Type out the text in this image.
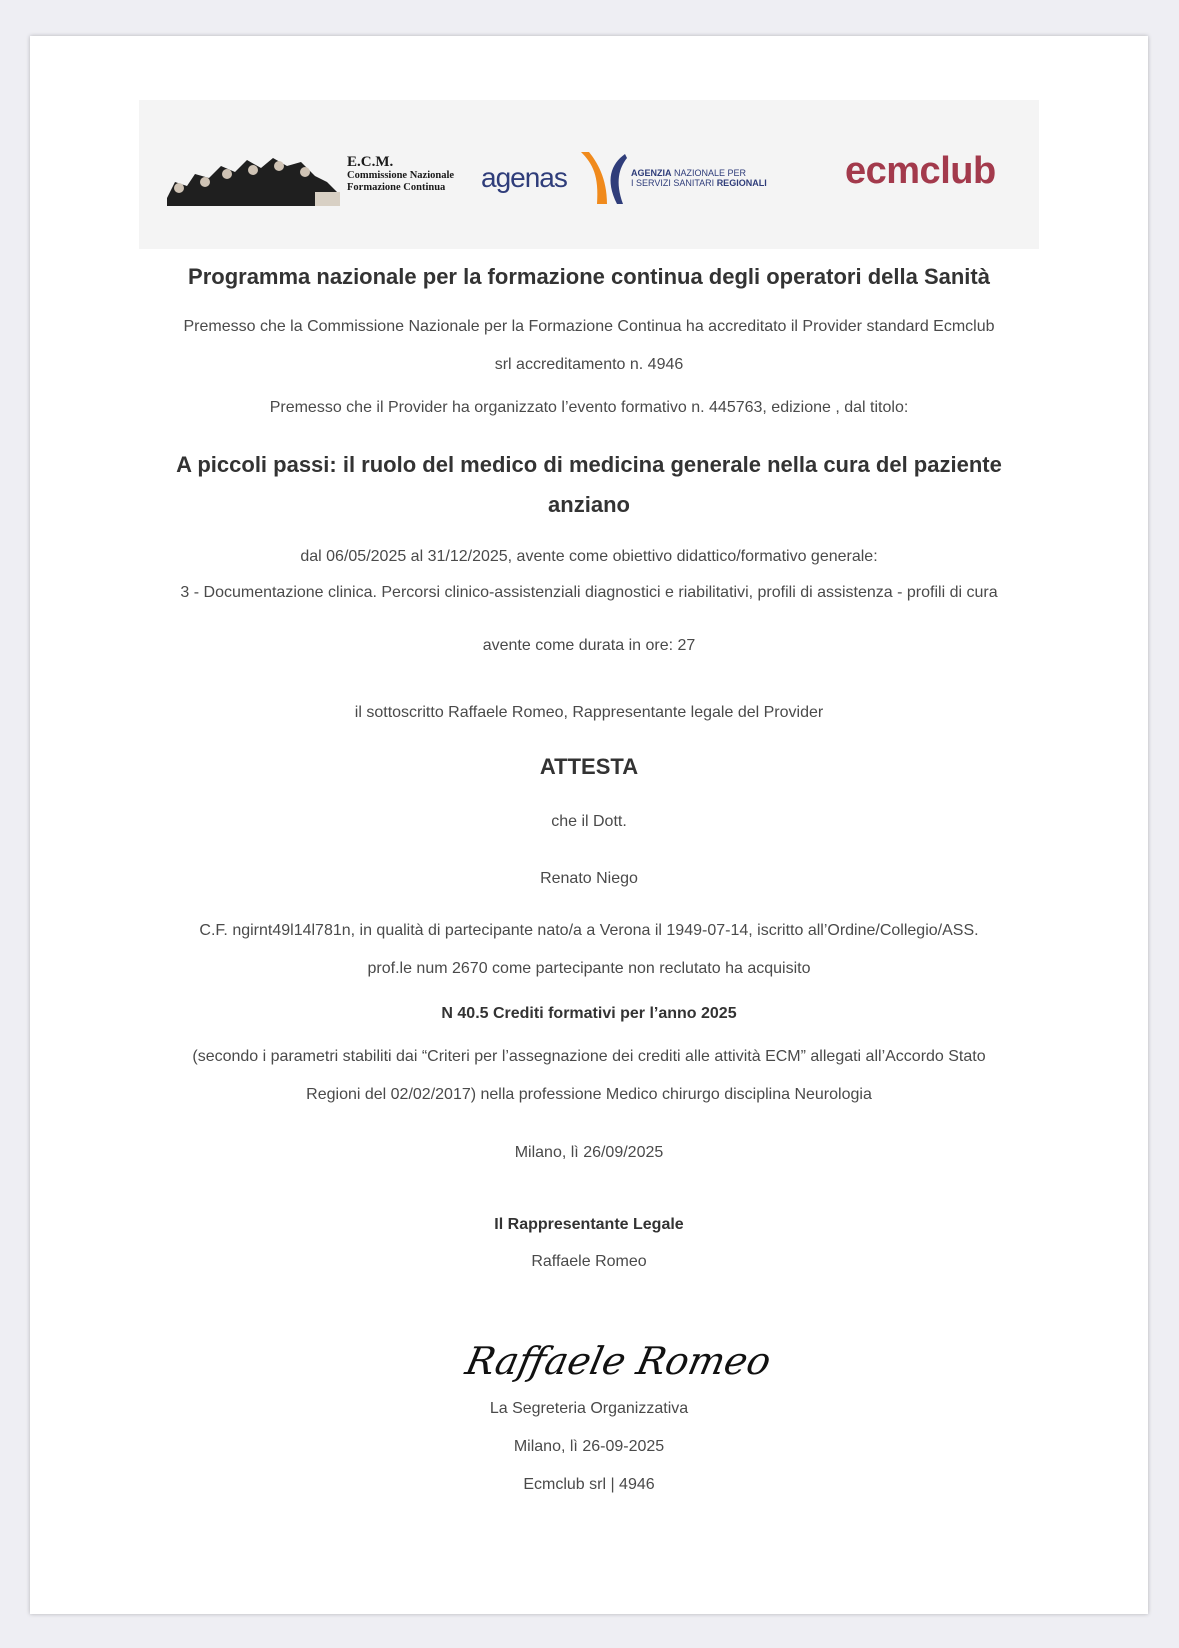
E.C.M.
Commissione Nazionale
Formazione Continua	agenas	AGENZIA NAZIONALE PER
I SERVIZI SANITARI REGIONALI ecmclub
Programma nazionale per la formazione continua degli operatori della Sanità
Premesso che la Commissione Nazionale per la Formazione Continua ha accreditato il Provider standard Ecmclub
srl accreditamento n. 4946
Premesso che il Provider ha organizzato l’evento formativo n. 445763, edizione , dal titolo:
A piccoli passi: il ruolo del medico di medicina generale nella cura del paziente
anziano
dal 06/05/2025 al 31/12/2025, avente come obiettivo didattico/formativo generale:
3 - Documentazione clinica. Percorsi clinico-assistenziali diagnostici e riabilitativi, profili di assistenza - profili di cura
avente come durata in ore: 27
il sottoscritto Raffaele Romeo, Rappresentante legale del Provider
ATTESTA
che il Dott.
Renato Niego
C.F. ngirnt49l14l781n, in qualità di partecipante nato/a a Verona il 1949-07-14, iscritto all’Ordine/Collegio/ASS.
prof.le num 2670 come partecipante non reclutato ha acquisito
N 40.5 Crediti formativi per l’anno 2025
(secondo i parametri stabiliti dai “Criteri per l’assegnazione dei crediti alle attività ECM” allegati all’Accordo Stato
Regioni del 02/02/2017) nella professione Medico chirurgo disciplina Neurologia
Milano, lì 26/09/2025
Il Rappresentante Legale
Raffaele Romeo
Raffaele Romeo
La Segreteria Organizzativa
Milano, lì 26-09-2025
Ecmclub srl | 4946
